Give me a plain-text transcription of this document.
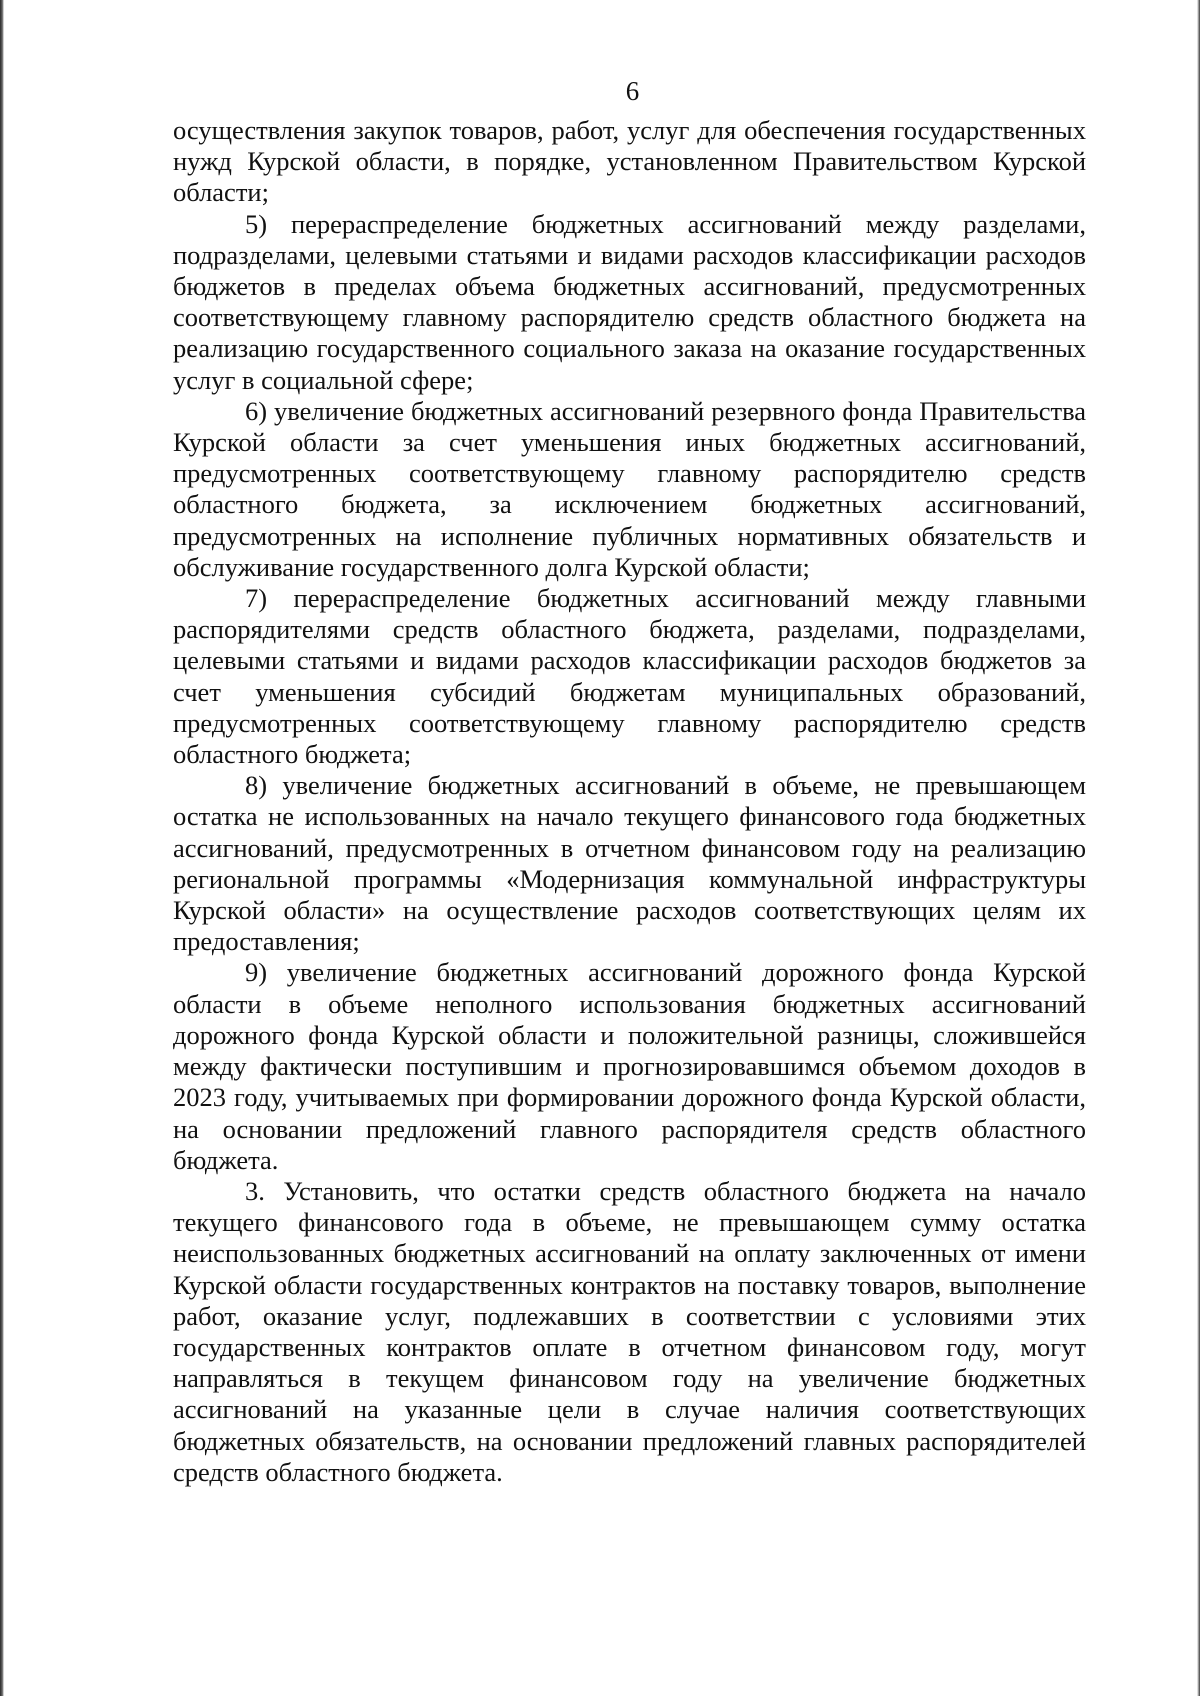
6

осуществления закупок товаров, работ, услуг для обеспечения государственных нужд Курской области, в порядке, установленном Правительством Курской области;

5) перераспределение бюджетных ассигнований между разделами, подразделами, целевыми статьями и видами расходов классификации расходов бюджетов в пределах объема бюджетных ассигнований, предусмотренных соответствующему главному распорядителю средств областного бюджета на реализацию государственного социального заказа на оказание государственных услуг в социальной сфере;

6) увеличение бюджетных ассигнований резервного фонда Правительства Курской области за счет уменьшения иных бюджетных ассигнований, предусмотренных соответствующему главному распорядителю средств областного бюджета, за исключением бюджетных ассигнований, предусмотренных на исполнение публичных нормативных обязательств и обслуживание государственного долга Курской области;

7) перераспределение бюджетных ассигнований между главными распорядителями средств областного бюджета, разделами, подразделами, целевыми статьями и видами расходов классификации расходов бюджетов за счет уменьшения субсидий бюджетам муниципальных образований, предусмотренных соответствующему главному распорядителю средств областного бюджета;

8) увеличение бюджетных ассигнований в объеме, не превышающем остатка не использованных на начало текущего финансового года бюджетных ассигнований, предусмотренных в отчетном финансовом году на реализацию региональной программы «Модернизация коммунальной инфраструктуры Курской области» на осуществление расходов соответствующих целям их предоставления;

9) увеличение бюджетных ассигнований дорожного фонда Курской области в объеме неполного использования бюджетных ассигнований дорожного фонда Курской области и положительной разницы, сложившейся между фактически поступившим и прогнозировавшимся объемом доходов в 2023 году, учитываемых при формировании дорожного фонда Курской области, на основании предложений главного распорядителя средств областного бюджета.

3. Установить, что остатки средств областного бюджета на начало текущего финансового года в объеме, не превышающем сумму остатка неиспользованных бюджетных ассигнований на оплату заключенных от имени Курской области государственных контрактов на поставку товаров, выполнение работ, оказание услуг, подлежавших в соответствии с условиями этих государственных контрактов оплате в отчетном финансовом году, могут направляться в текущем финансовом году на увеличение бюджетных ассигнований на указанные цели в случае наличия соответствующих бюджетных обязательств, на основании предложений главных распорядителей средств областного бюджета.
